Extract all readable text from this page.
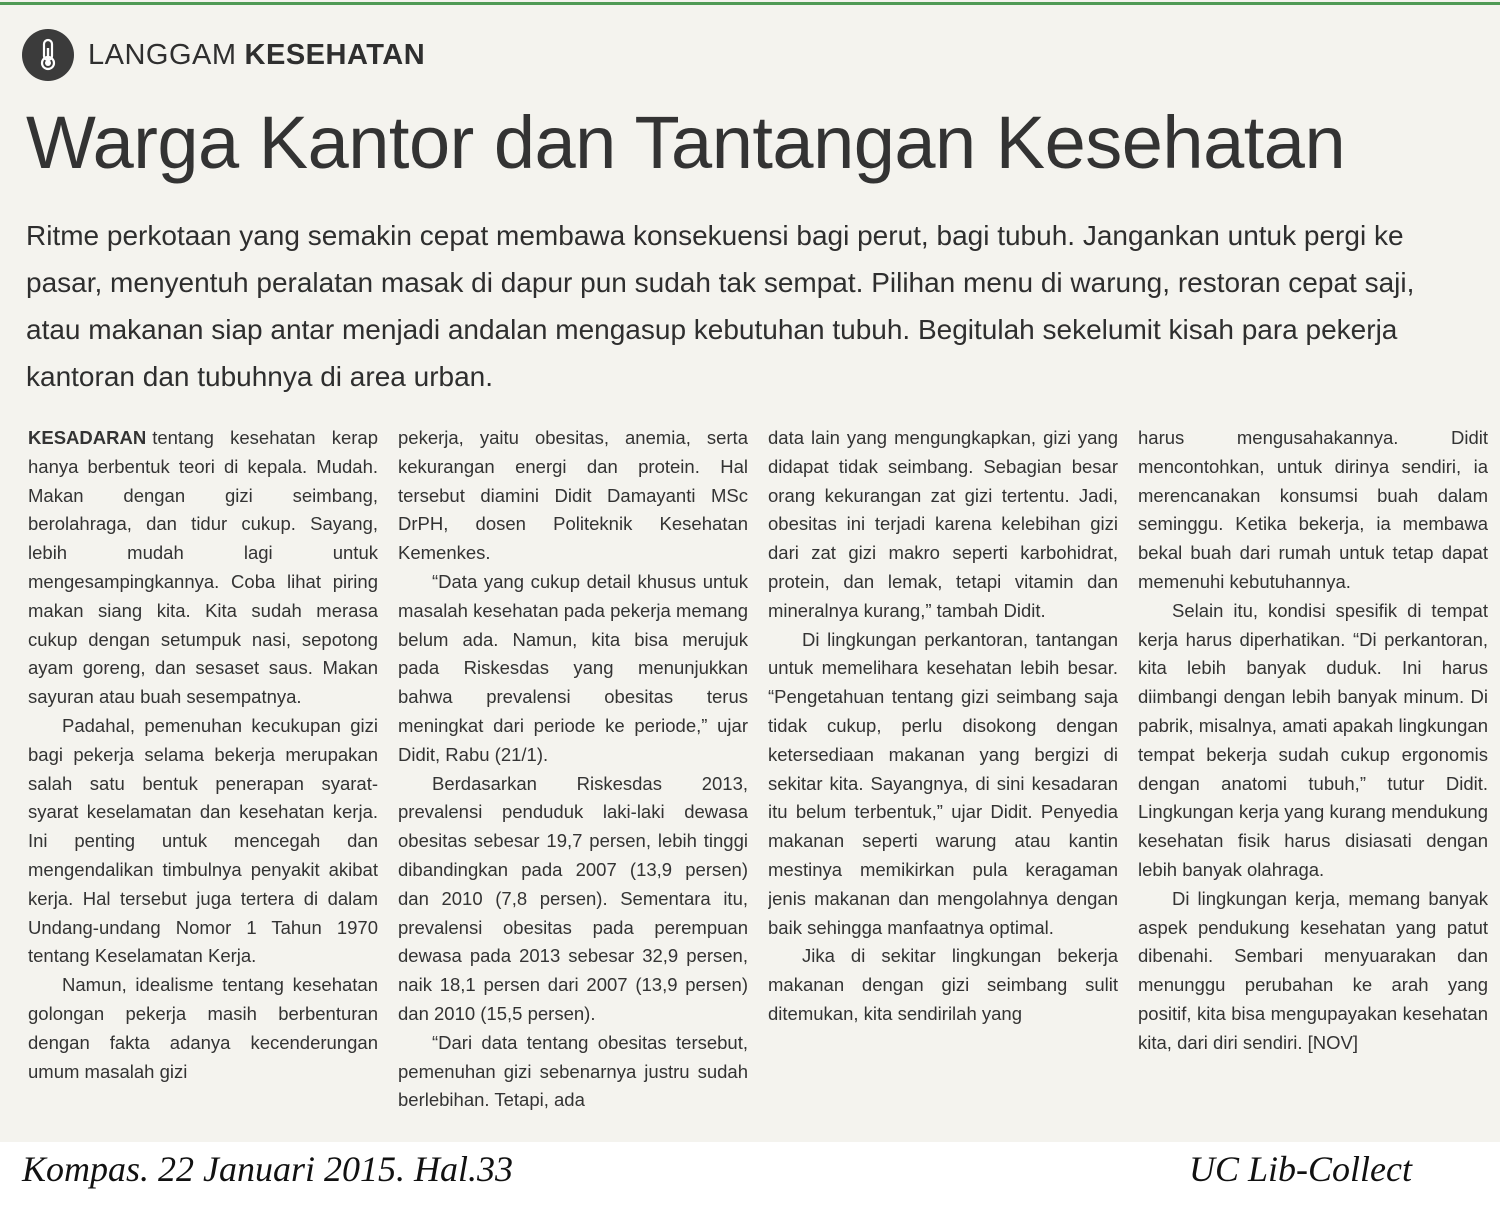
LANGGAM KESEHATAN
Warga Kantor dan Tantangan Kesehatan

Ritme perkotaan yang semakin cepat membawa konsekuensi bagi perut, bagi tubuh. Jangankan untuk pergi ke pasar, menyentuh peralatan masak di dapur pun sudah tak sempat. Pilihan menu di warung, restoran cepat saji, atau makanan siap antar menjadi andalan mengasup kebutuhan tubuh. Begitulah sekelumit kisah para pekerja kantoran dan tubuhnya di area urban.

KESADARAN tentang kesehatan kerap hanya berbentuk teori di kepala. Mudah. Makan dengan gizi seimbang, berolahraga, dan tidur cukup. Sayang, lebih mudah lagi untuk mengesampingkannya. Coba lihat piring makan siang kita. Kita sudah merasa cukup dengan setumpuk nasi, sepotong ayam goreng, dan sesaset saus. Makan sayuran atau buah sesempatnya.

Padahal, pemenuhan kecukupan gizi bagi pekerja selama bekerja merupakan salah satu bentuk penerapan syarat-syarat keselamatan dan kesehatan kerja. Ini penting untuk mencegah dan mengendalikan timbulnya penyakit akibat kerja. Hal tersebut juga tertera di dalam Undang-undang Nomor 1 Tahun 1970 tentang Keselamatan Kerja.

Namun, idealisme tentang kesehatan golongan pekerja masih berbenturan dengan fakta adanya kecenderungan umum masalah gizi

pekerja, yaitu obesitas, anemia, serta kekurangan energi dan protein. Hal tersebut diamini Didit Damayanti MSc DrPH, dosen Politeknik Kesehatan Kemenkes.

“Data yang cukup detail khusus untuk masalah kesehatan pada pekerja memang belum ada. Namun, kita bisa merujuk pada Riskesdas yang menunjukkan bahwa prevalensi obesitas terus meningkat dari periode ke periode,” ujar Didit, Rabu (21/1).

Berdasarkan Riskesdas 2013, prevalensi penduduk laki-laki dewasa obesitas sebesar 19,7 persen, lebih tinggi dibandingkan pada 2007 (13,9 persen) dan 2010 (7,8 persen). Sementara itu, prevalensi obesitas pada perempuan dewasa pada 2013 sebesar 32,9 persen, naik 18,1 persen dari 2007 (13,9 persen) dan 2010 (15,5 persen).

“Dari data tentang obesitas tersebut, pemenuhan gizi sebenarnya justru sudah berlebihan. Tetapi, ada

data lain yang mengungkapkan, gizi yang didapat tidak seimbang. Sebagian besar orang kekurangan zat gizi tertentu. Jadi, obesitas ini terjadi karena kelebihan gizi dari zat gizi makro seperti karbohidrat, protein, dan lemak, tetapi vitamin dan mineralnya kurang,” tambah Didit.

Di lingkungan perkantoran, tantangan untuk memelihara kesehatan lebih besar. “Pengetahuan tentang gizi seimbang saja tidak cukup, perlu disokong dengan ketersediaan makanan yang bergizi di sekitar kita. Sayangnya, di sini kesadaran itu belum terbentuk,” ujar Didit. Penyedia makanan seperti warung atau kantin mestinya memikirkan pula keragaman jenis makanan dan mengolahnya dengan baik sehingga manfaatnya optimal.

Jika di sekitar lingkungan bekerja makanan dengan gizi seimbang sulit ditemukan, kita sendirilah yang

harus mengusahakannya. Didit mencontohkan, untuk dirinya sendiri, ia merencanakan konsumsi buah dalam seminggu. Ketika bekerja, ia membawa bekal buah dari rumah untuk tetap dapat memenuhi kebutuhannya.

Selain itu, kondisi spesifik di tempat kerja harus diperhatikan. “Di perkantoran, kita lebih banyak duduk. Ini harus diimbangi dengan lebih banyak minum. Di pabrik, misalnya, amati apakah lingkungan tempat bekerja sudah cukup ergonomis dengan anatomi tubuh,” tutur Didit. Lingkungan kerja yang kurang mendukung kesehatan fisik harus disiasati dengan lebih banyak olahraga.

Di lingkungan kerja, memang banyak aspek pendukung kesehatan yang patut dibenahi. Sembari menyuarakan dan menunggu perubahan ke arah yang positif, kita bisa mengupayakan kesehatan kita, dari diri sendiri. [NOV]

Kompas. 22 Januari 2015. Hal.33	UC Lib-Collect
